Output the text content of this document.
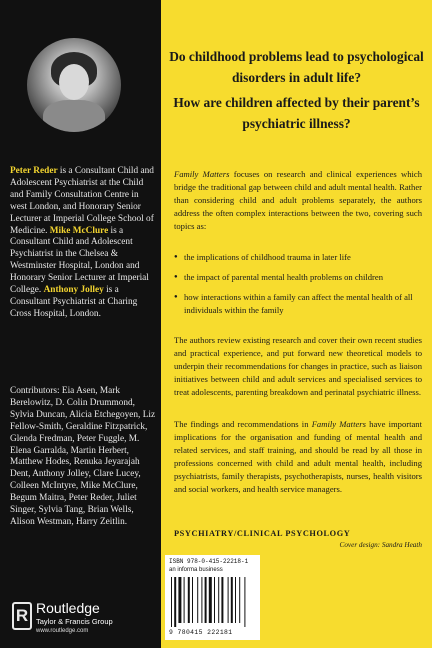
Peter Reder is a Consultant Child and Adolescent Psychiatrist at the Child and Family Consultation Centre in west London, and Honorary Senior Lecturer at Imperial College School of Medicine. Mike McClure is a Consultant Child and Adolescent Psychiatrist in the Chelsea & Westminster Hospital, London and Honorary Senior Lecturer at Imperial College. Anthony Jolley is a Consultant Psychiatrist at Charing Cross Hospital, London.

Contributors: Eia Asen, Mark Berelowitz, D. Colin Drummond, Sylvia Duncan, Alicia Etchegoyen, Liz Fellow-Smith, Geraldine Fitzpatrick, Glenda Fredman, Peter Fuggle, M. Elena Garralda, Martin Herbert, Matthew Hodes, Renuka Jeyarajah Dent, Anthony Jolley, Clare Lucey, Colleen McIntyre, Mike McClure, Begum Maitra, Peter Reder, Juliet Singer, Sylvia Tang, Brian Wells, Alison Westman, Harry Zeitlin.

R Routledge
Taylor & Francis Group
www.routledge.com

Do childhood problems lead to psychological disorders in adult life?

How are children affected by their parent’s psychiatric illness?

Family Matters focuses on research and clinical experiences which bridge the traditional gap between child and adult mental health. Rather than considering child and adult problems separately, the authors address the often complex interactions between the two, covering such topics as:

● the implications of childhood trauma in later life

● the impact of parental mental health problems on children

● how interactions within a family can affect the mental health of all individuals within the family

The authors review existing research and cover their own recent studies and practical experience, and put forward new theoretical models to underpin their recommendations for changes in practice, such as liaison initiatives between child and adult services and specialised services to treat adolescents, parenting breakdown and perinatal psychiatric illness.

The findings and recommendations in Family Matters have important implications for the organisation and funding of mental health and related services, and staff training, and should be read by all those in professions concerned with child and adult mental health, including psychiatrists, family therapists, psychotherapists, nurses, health visitors and social workers, and health service managers.

PSYCHIATRY/CLINICAL PSYCHOLOGY

Cover design: Sandra Heath

ISBN 978-0-415-22218-1
an informa business
9 780415 222181
